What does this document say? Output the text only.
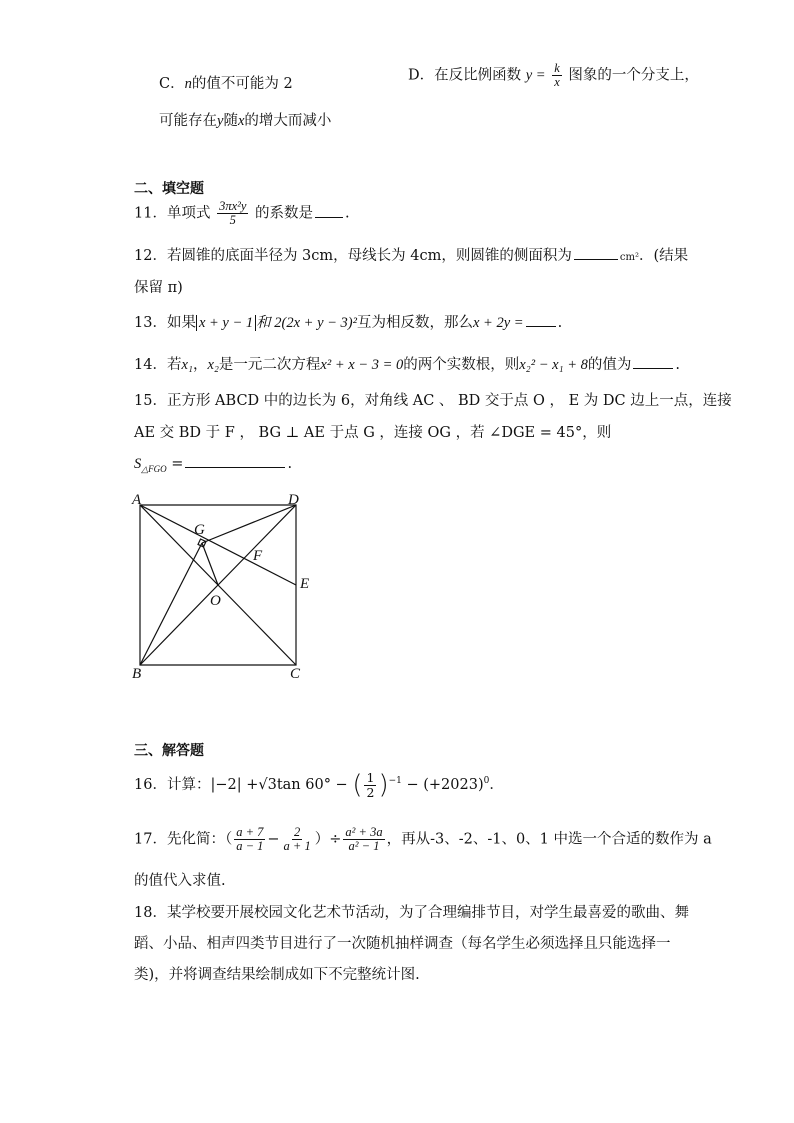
C．n的值不可能为 2
D．在反比例函数 $y = \frac{k}{x}$ 图象的一个分支上，
可能存在y随x的增大而减小
二、填空题
11．单项式 $\frac{\text{3πx²y}}{5}$ 的系数是 .
12．若圆锥的底面半径为 3cm，母线长为 4cm，则圆锥的侧面积为	cm²．(结果
保留 π)
13．如果 x + y − 1 和 2(2x + y − 3)²互为相反数，那么x + 2y = .
14．若x₁，x₂是一元二次方程x² + x − 3 = 0的两个实数根，则x₂² − x₁ + 8的值为	.
15．正方形 ABCD 中的边长为 6，对角线 AC 、 BD 交于点 O ， E 为 DC 边上一点，连接
AE 交 BD 于 F ， BG ⊥ AE 于点 G ，连接 OG ，若 ∠DGE = 45°，则
$S_{\triangle FGO}$ =	.
A	D
B	C
E
F
G
O
三、解答题
16．计算：|−2| +√3tan 60° − ( $\frac{1}{2} )^{-1} - (+2023)^0$．
17．先化简：（ $\frac{a + 7}{a - 1} - \frac{2}{a + 1}$ ）÷ $\frac{\text{a² + 3a}}{\text{a² − 1}}$ ，再从-3、-2、-1、0、1 中选一个合适的数作为 a
的值代入求值.
18．某学校要开展校园文化艺术节活动，为了合理编排节目，对学生最喜爱的歌曲、舞
蹈、小品、相声四类节目进行了一次随机抽样调查（每名学生必须选择且只能选择一
类)，并将调查结果绘制成如下不完整统计图.
